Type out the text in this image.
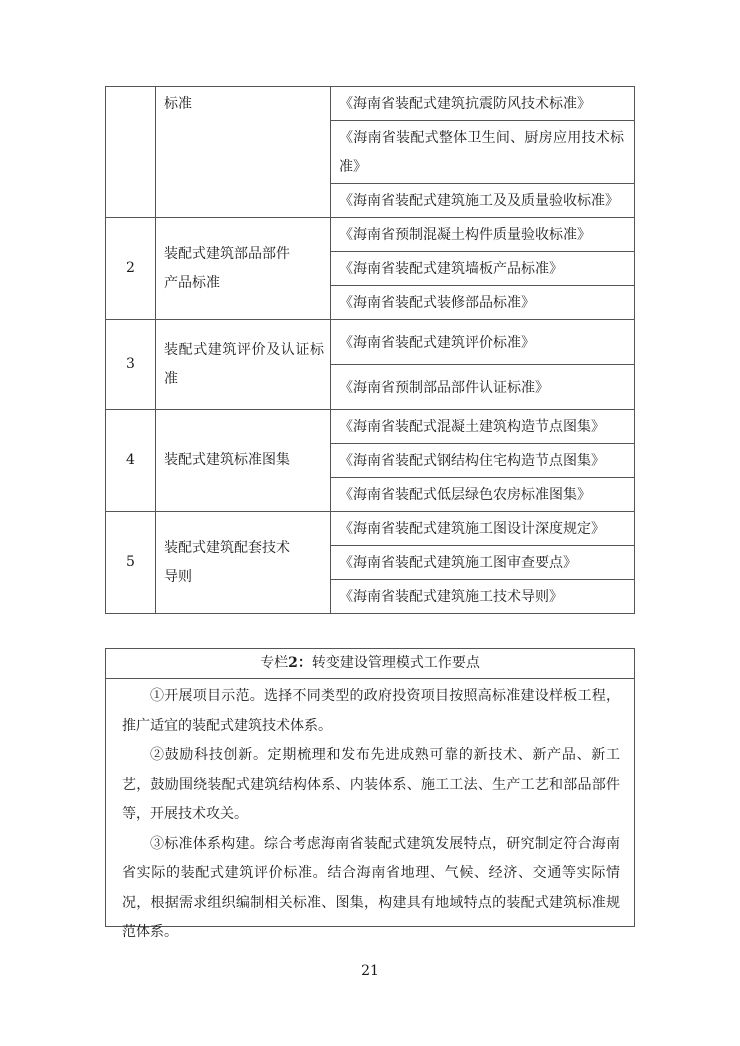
	标准	《海南省装配式建筑抗震防风技术标准》
		《海南省装配式整体卫生间、厨房应用技术标准》
		《海南省装配式建筑施工及及质量验收标准》
2	装配式建筑部品部件产品标准	《海南省预制混凝土构件质量验收标准》
		《海南省装配式建筑墙板产品标准》
		《海南省装配式装修部品标准》
3	装配式建筑评价及认证标准	《海南省装配式建筑评价标准》
		《海南省预制部品部件认证标准》
4	装配式建筑标准图集	《海南省装配式混凝土建筑构造节点图集》
		《海南省装配式钢结构住宅构造节点图集》
		《海南省装配式低层绿色农房标准图集》
5	装配式建筑配套技术导则	《海南省装配式建筑施工图设计深度规定》
		《海南省装配式建筑施工图审查要点》
		《海南省装配式建筑施工技术导则》
专栏2：转变建设管理模式工作要点

①开展项目示范。选择不同类型的政府投资项目按照高标准建设样板工程，推广适宜的装配式建筑技术体系。

②鼓励科技创新。定期梳理和发布先进成熟可靠的新技术、新产品、新工艺，鼓励围绕装配式建筑结构体系、内装体系、施工工法、生产工艺和部品部件等，开展技术攻关。

③标准体系构建。综合考虑海南省装配式建筑发展特点，研究制定符合海南省实际的装配式建筑评价标准。结合海南省地理、气候、经济、交通等实际情况，根据需求组织编制相关标准、图集，构建具有地域特点的装配式建筑标准规范体系。

21
